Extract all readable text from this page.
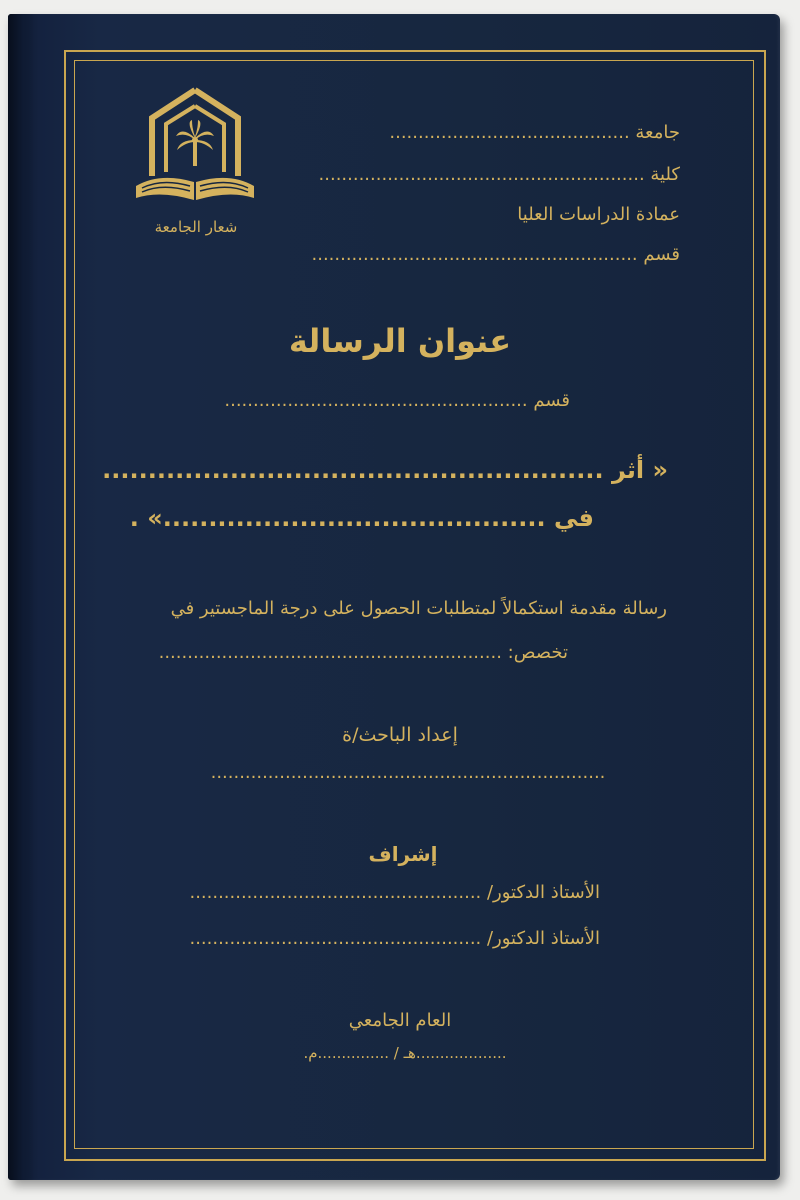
شعار الجامعة
جامعة ..........................................
كلية .........................................................
عمادة الدراسات العليا
قسم .........................................................
عنوان الرسالة
قسم .....................................................
« أثر .......................................................
في ..........................................» .
رسالة مقدمة استكمالاً لمتطلبات الحصول على درجة الماجستير في
تخصص: ............................................................
إعداد الباحث/ة
.....................................................................
إشراف
الأستاذ الدكتور/ ...................................................
الأستاذ الدكتور/ ...................................................
العام الجامعي
...................هـ / ...............م.
